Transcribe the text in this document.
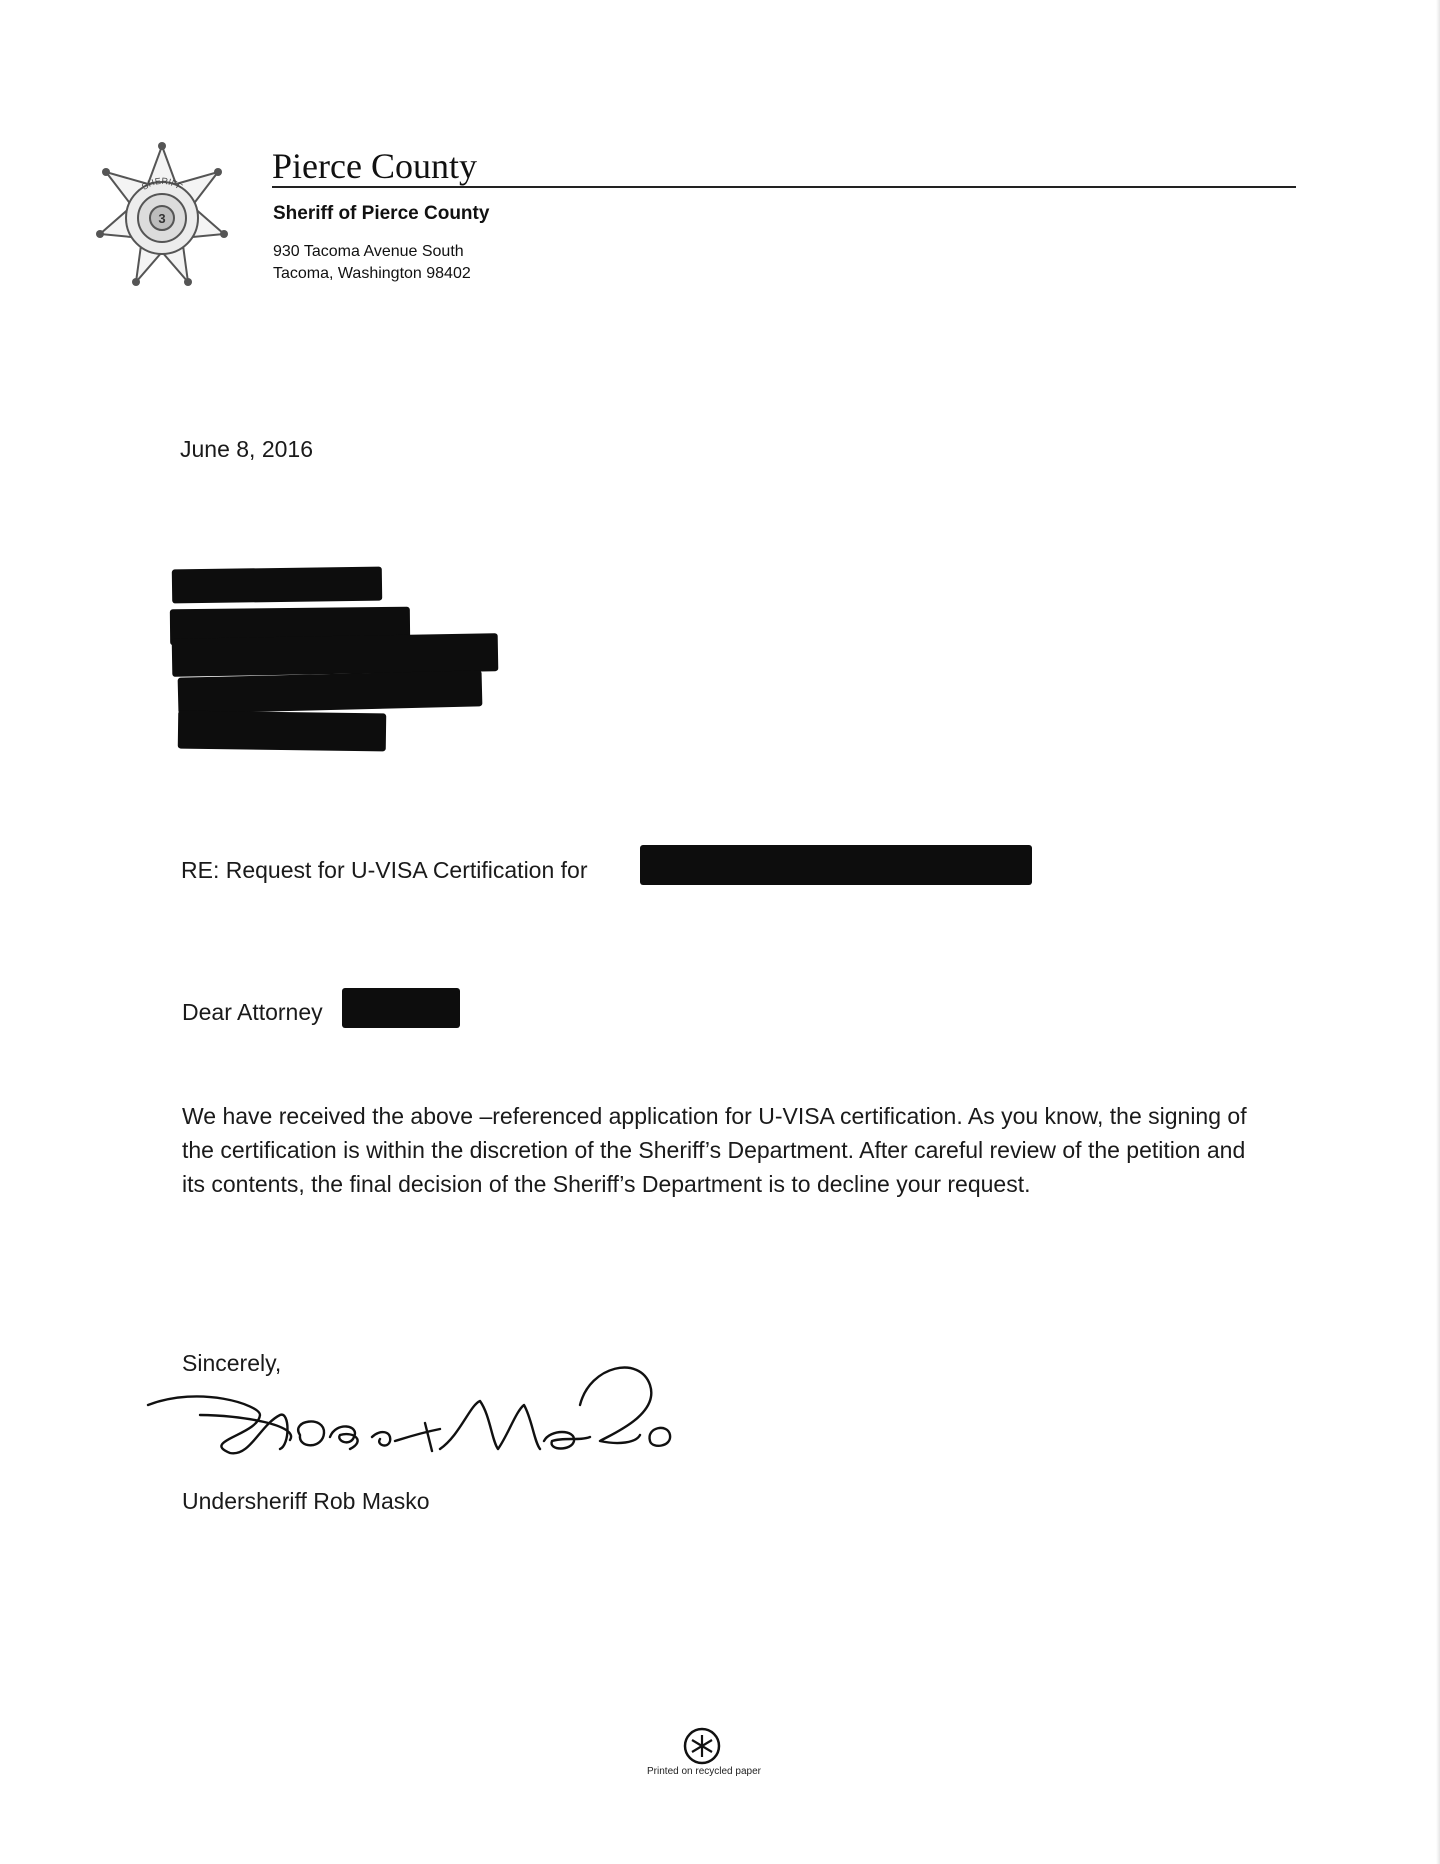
3
SHERIFF
Pierce County
Sheriff of Pierce County
930 Tacoma Avenue South
Tacoma, Washington 98402
June 8, 2016
RE: Request for U-VISA Certification for
Dear Attorney
We have received the above –referenced application for U-VISA certification. As you know, the signing of the certification is within the discretion of the Sheriff’s Department. After careful review of the petition and its contents, the final decision of the Sheriff’s Department is to decline your request.
Sincerely,
Undersheriff Rob Masko
Printed on recycled paper
